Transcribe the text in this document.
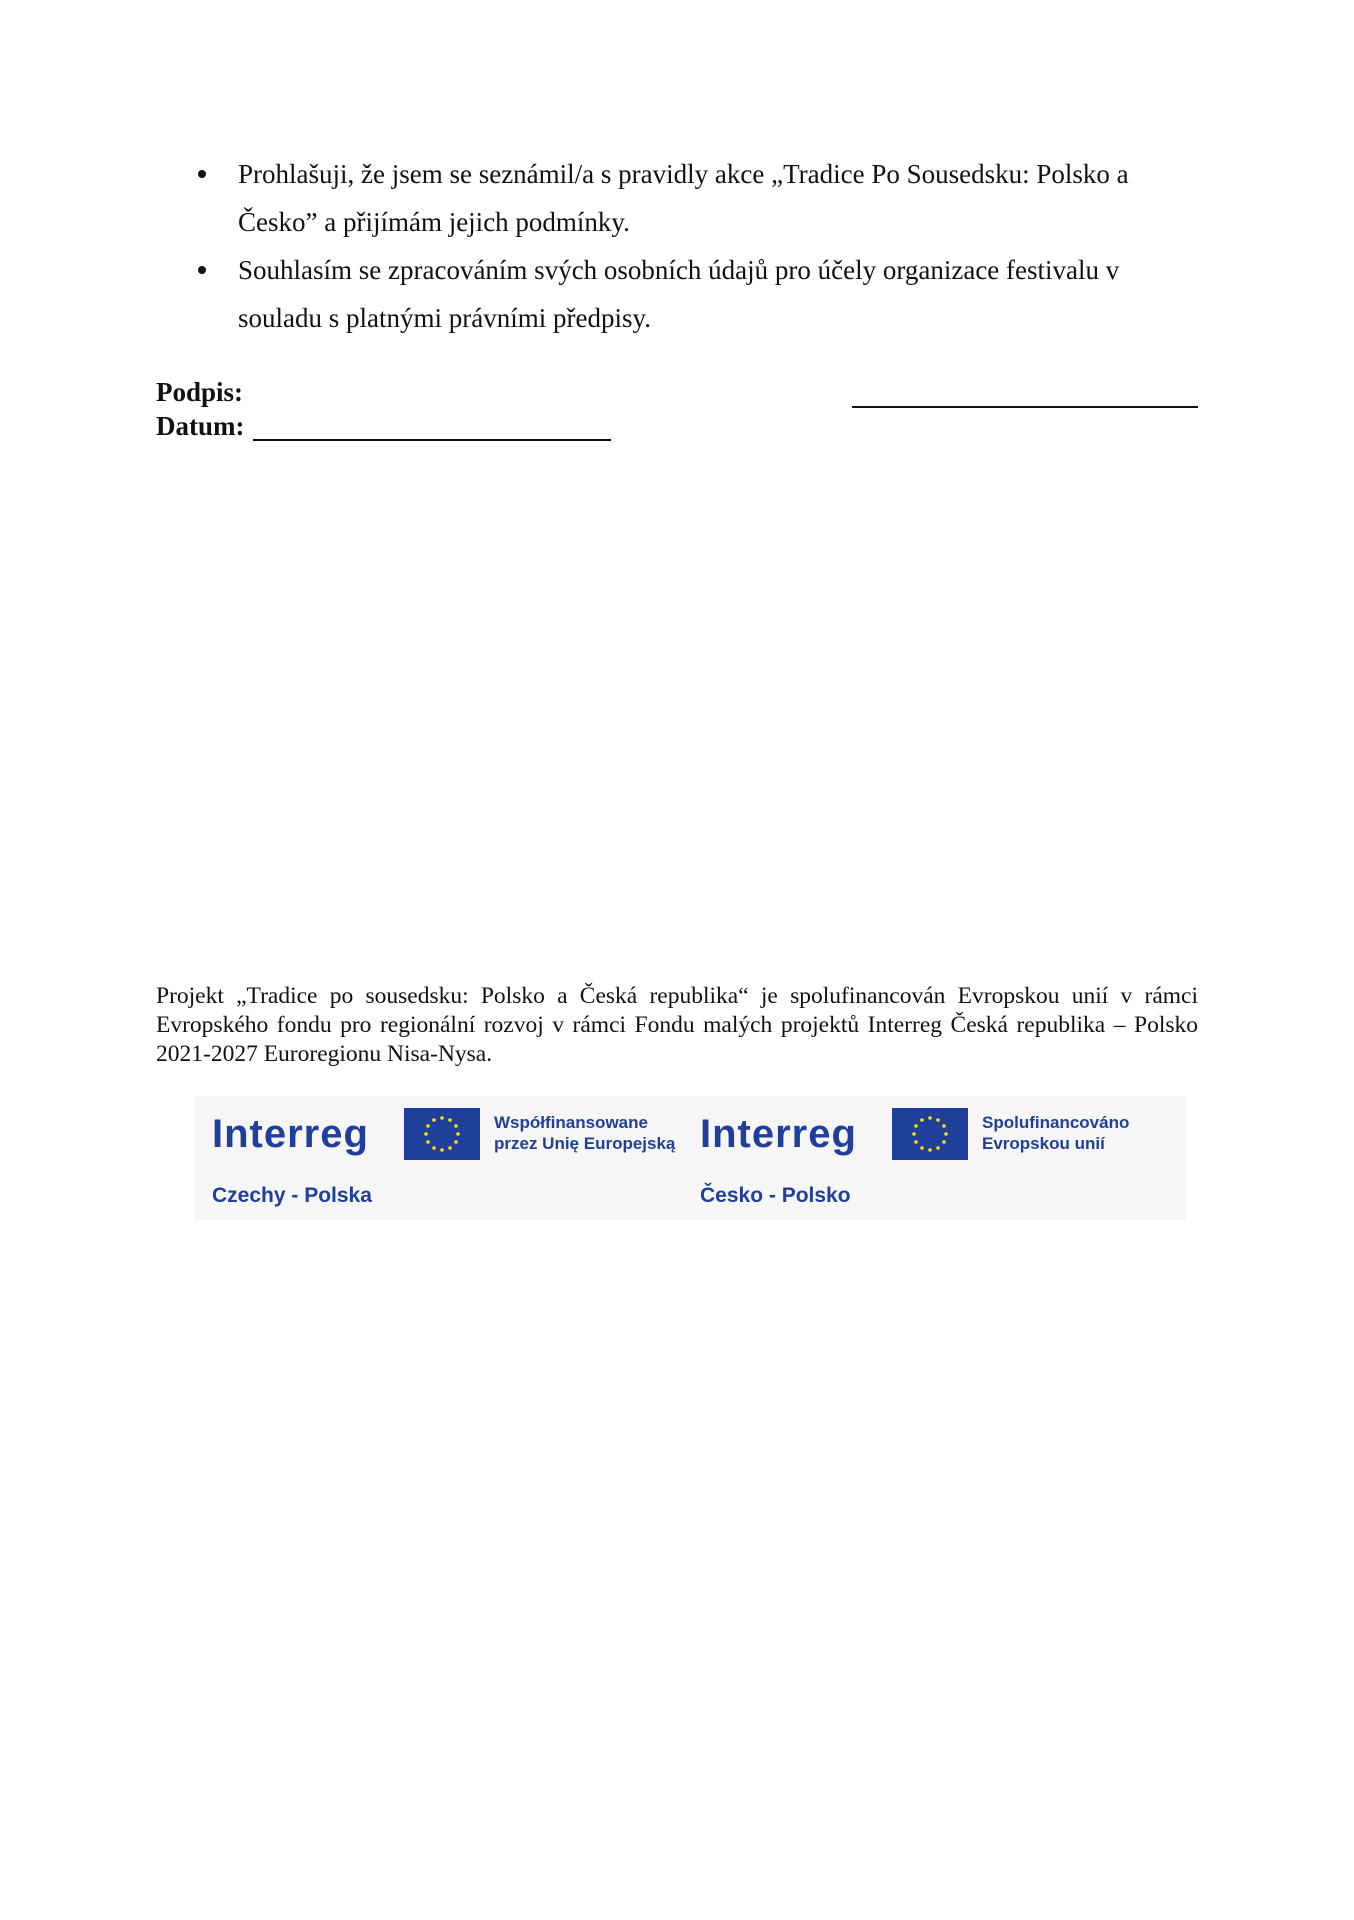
Prohlašuji, že jsem se seznámil/a s pravidly akce „Tradice Po Sousedsku: Polsko a Česko” a přijímám jejich podmínky.
Souhlasím se zpracováním svých osobních údajů pro účely organizace festivalu v souladu s platnými právními předpisy.
Podpis:
Datum:

Projekt „Tradice po sousedsku: Polsko a Česká republika“ je spolufinancován Evropskou unií v rámci Evropského fondu pro regionální rozvoj v rámci Fondu malých projektů Interreg Česká republika – Polsko 2021-2027 Euroregionu Nisa-Nysa.

Interreg	Współfinansowane
przez Unię Europejską
Czechy - Polska
Interreg	Spolufinancováno
Evropskou unií
Česko - Polsko
